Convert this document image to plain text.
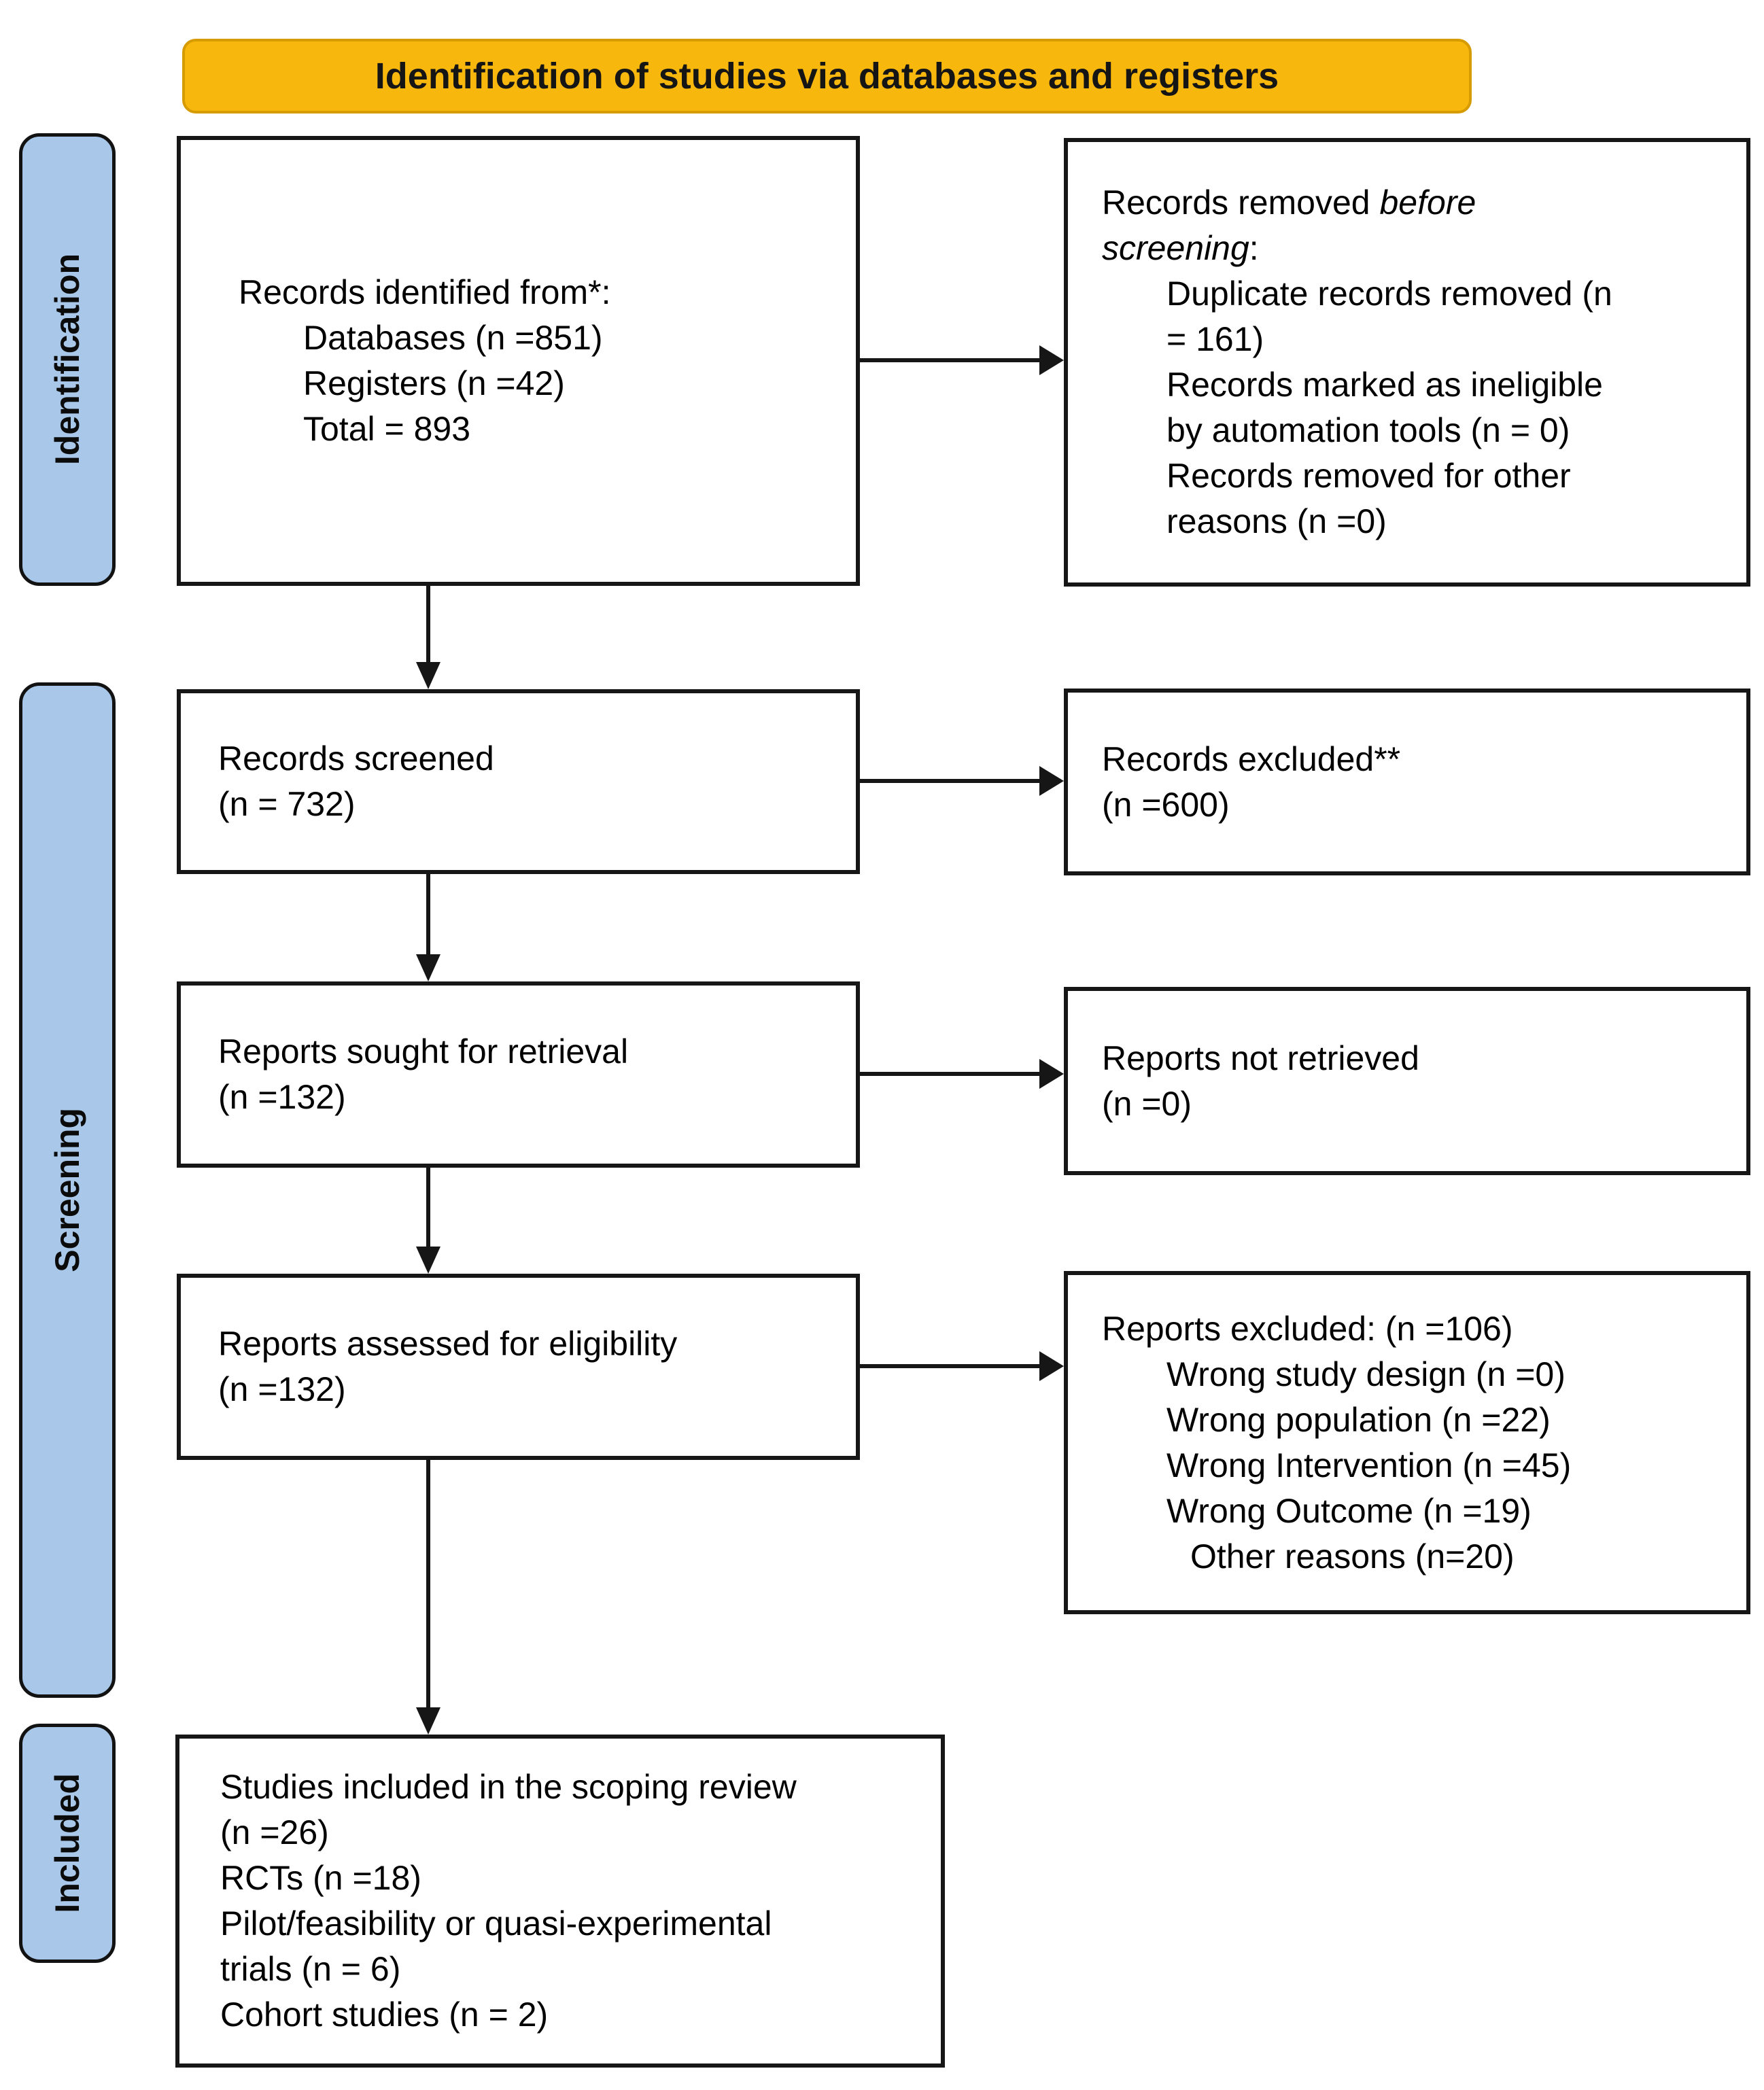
Identification of studies via databases and registers
Identification
Screening
Included
Records identified from*:
Databases (n =851)
Registers (n =42)
Total = 893
Records removed before
screening:
Duplicate records removed (n
= 161)
Records marked as ineligible
by automation tools (n = 0)
Records removed for other
reasons (n =0)
Records screened
(n = 732)
Records excluded**
(n =600)
Reports sought for retrieval
(n =132)
Reports not retrieved
(n =0)
Reports assessed for eligibility
(n =132)
Reports excluded: (n =106)
Wrong study design (n =0)
Wrong population (n =22)
Wrong Intervention (n =45)
Wrong Outcome (n =19)
Other reasons (n=20)
Studies included in the scoping review
(n =26)
RCTs (n =18)
Pilot/feasibility or quasi-experimental
trials (n = 6)
Cohort studies (n = 2)
